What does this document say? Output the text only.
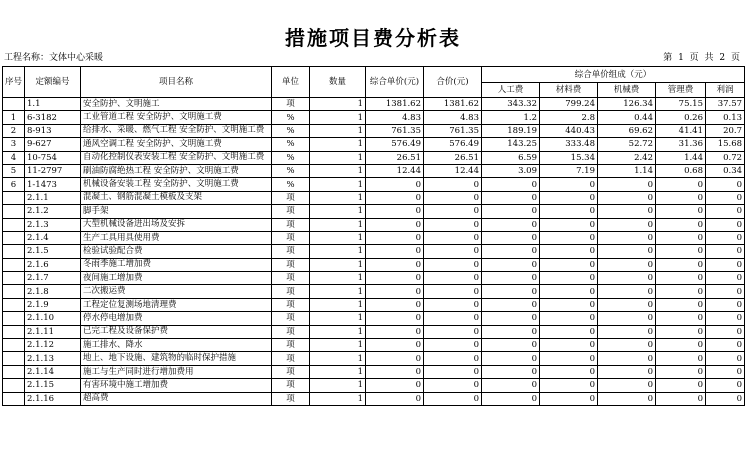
措施项目费分析表
工程名称：文体中心采暖	第 1 页 共 2 页
序号	定额编号	项目名称	单位	数量	综合单价(元)	合价(元)	综合单价组成（元）				
							人工费	材料费	机械费	管理费	利润
	1.1	安全防护、文明施工	项	1	1381.62	1381.62	343.32	799.24	126.34	75.15	37.57
1	6-3182	工业管道工程 安全防护、文明施工费	%	1	4.83	4.83	1.2	2.8	0.44	0.26	0.13
2	8-913	给排水、采暖、燃气工程 安全防护、文明施工费	%	1	761.35	761.35	189.19	440.43	69.62	41.41	20.7
3	9-627	通风空调工程 安全防护、文明施工费	%	1	576.49	576.49	143.25	333.48	52.72	31.36	15.68
4	10-754	自动化控制仪表安装工程 安全防护、文明施工费	%	1	26.51	26.51	6.59	15.34	2.42	1.44	0.72
5	11-2797	刷油防腐绝热工程 安全防护、文明施工费	%	1	12.44	12.44	3.09	7.19	1.14	0.68	0.34
6	1-1473	机械设备安装工程 安全防护、文明施工费	%	1	0	0	0	0	0	0	0
	2.1.1	混凝土、钢筋混凝土模板及支架	项	1	0	0	0	0	0	0	0
	2.1.2	脚手架	项	1	0	0	0	0	0	0	0
	2.1.3	大型机械设备进出场及安拆	项	1	0	0	0	0	0	0	0
	2.1.4	生产工具用具使用费	项	1	0	0	0	0	0	0	0
	2.1.5	检验试验配合费	项	1	0	0	0	0	0	0	0
	2.1.6	冬雨季施工增加费	项	1	0	0	0	0	0	0	0
	2.1.7	夜间施工增加费	项	1	0	0	0	0	0	0	0
	2.1.8	二次搬运费	项	1	0	0	0	0	0	0	0
	2.1.9	工程定位复测场地清理费	项	1	0	0	0	0	0	0	0
	2.1.10	停水停电增加费	项	1	0	0	0	0	0	0	0
	2.1.11	已完工程及设备保护费	项	1	0	0	0	0	0	0	0
	2.1.12	施工排水、降水	项	1	0	0	0	0	0	0	0
	2.1.13	地上、地下设施、建筑物的临时保护措施	项	1	0	0	0	0	0	0	0
	2.1.14	施工与生产同时进行增加费用	项	1	0	0	0	0	0	0	0
	2.1.15	有害环境中施工增加费	项	1	0	0	0	0	0	0	0
	2.1.16	超高费	项	1	0	0	0	0	0	0	0
